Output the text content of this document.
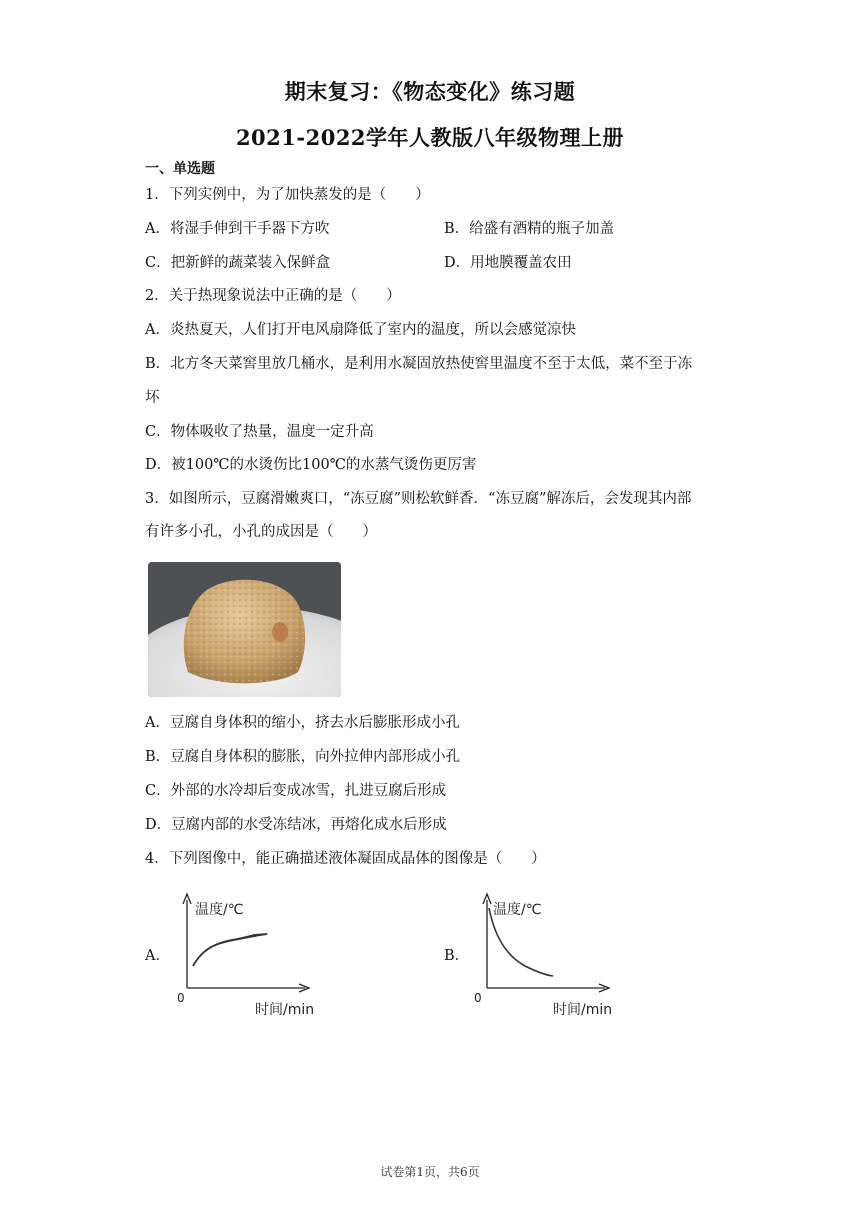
期末复习：《物态变化》练习题
2021-2022学年人教版八年级物理上册
一、单选题
1．下列实例中，为了加快蒸发的是（　　）
A．将湿手伸到干手器下方吹	B．给盛有酒精的瓶子加盖
C．把新鲜的蔬菜装入保鲜盒	D．用地膜覆盖农田
2．关于热现象说法中正确的是（　　）
A．炎热夏天，人们打开电风扇降低了室内的温度，所以会感觉凉快
B．北方冬天菜窖里放几桶水，是利用水凝固放热使窖里温度不至于太低，菜不至于冻
坏
C．物体吸收了热量，温度一定升高
D．被100℃的水烫伤比100℃的水蒸气烫伤更厉害
3．如图所示，豆腐滑嫩爽口，“冻豆腐”则松软鲜香．“冻豆腐”解冻后，会发现其内部
有许多小孔，小孔的成因是（　　）
A．豆腐自身体积的缩小，挤去水后膨胀形成小孔
B．豆腐自身体积的膨胀，向外拉伸内部形成小孔
C．外部的水冷却后变成冰雪，扎进豆腐后形成
D．豆腐内部的水受冻结冰，再熔化成水后形成
4．下列图像中，能正确描述液体凝固成晶体的图像是（　　）
A．
温度/℃
时间/min
0
B．
温度/℃
时间/min
0
试卷第1页，共6页
